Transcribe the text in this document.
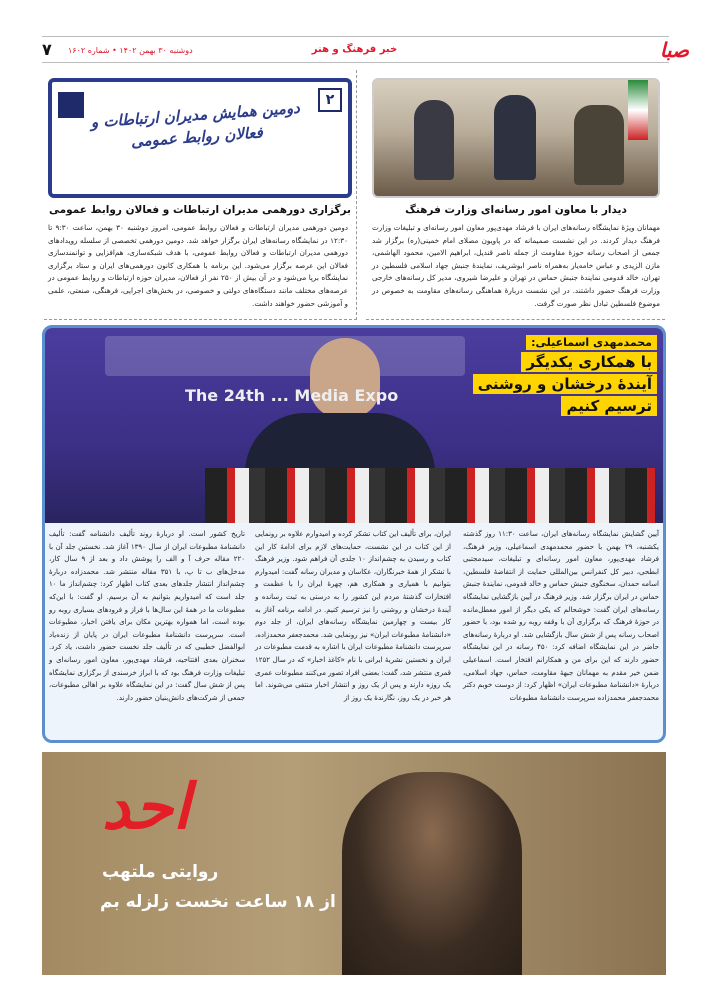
صبا
خبر فرهنگ و هنر
دوشنبه ۳۰ بهمن ۱۴۰۲ • شماره ۱۶۰۲
۷
دیدار با معاون امور رسانه‌ای وزارت فرهنگ
مهمانان ویژۀ نمایشگاه رسانه‌های ایران با فرشاد مهدی‌پور معاون امور رسانه‌ای و تبلیغات وزارت فرهنگ دیدار کردند. در این نشست صمیمانه که در پاویون مصلای امام خمینی(ره) برگزار شد جمعی از اصحاب رسانه حوزۀ مقاومت از جمله ناصر قندیل، ابراهیم الامین، محمود الهاشمی، مازن الزیدی و عباس خامه‌یار به‌همراه ناصر ابوشریف، نمایندۀ جنبش جهاد اسلامی فلسطین در تهران، خالد قدومی نمایندۀ جنبش حماس در تهران و علیرضا شیروی، مدیر کل رسانه‌های خارجی وزارت فرهنگ حضور داشتند. در این نشست دربارۀ هماهنگی رسانه‌های مقاومت به خصوص در موضوع فلسطین تبادل نظر صورت گرفت.
دومین همایش مدیران ارتباطات و فعالان روابط عمومی
۲
برگزاری دورهمی مدیران ارتباطات و فعالان روابط عمومی
دومین دورهمی مدیران ارتباطات و فعالان روابط عمومی، امروز دوشنبه ۳۰ بهمن، ساعت ۹:۳۰ تا ۱۲:۳۰ در نمایشگاه رسانه‌های ایران برگزار خواهد شد. دومین دورهمی تخصصی از سلسله رویدادهای دورهمی مدیران ارتباطات و فعالان روابط عمومی، با هدف شبکه‌سازی، هم‌افزایی و توانمندسازی فعالان این عرصه برگزار می‌شود. این برنامه با همکاری کانون دورهمی‌های ایران و ستاد برگزاری نمایشگاه برپا می‌شود و در آن بیش از ۲۵۰ نفر از فعالان، مدیران حوزه ارتباطات و روابط عمومی در عرصه‌های مختلف مانند دستگاه‌های دولتی و خصوصی، در بخش‌های اجرایی، فرهنگی، صنعتی، علمی و آموزشی حضور خواهند داشت.
The 24th ... Media Expo
محمدمهدی اسماعیلی:
با همکاری یکدیگر
آیندۀ درخشان و روشنی
ترسیم کنیم
آیین گشایش نمایشگاه رسانه‌های ایران، ساعت ۱۱:۳۰ روز گذشته یکشنبه، ۲۹ بهمن با حضور محمدمهدی اسماعیلی، وزیر فرهنگ، فرشاد مهدی‌پور، معاون امور رسانه‌ای و تبلیغات، سیدمجتبی ابطحی، دبیر کل کنفرانس بین‌المللی حمایت از انتفاضۀ فلسطین، اسامه حمدان، سخنگوی جنبش حماس و خالد قدومی، نمایندۀ جنبش حماس در ایران برگزار شد. وزیر فرهنگ در آیین بازگشایی نمایشگاه رسانه‌های ایران گفت: خوشحالم که یکی دیگر از امور معطل‌مانده در حوزۀ فرهنگ که برگزاری آن با وقفه روبه رو شده بود، با حضور اصحاب رسانه پس از شش سال بازگشایی شد. او دربارۀ رسانه‌های حاضر در این نمایشگاه اضافه کرد: ۴۵۰ رسانه در این نمایشگاه حضور دارند که این برای من و همکارانم افتخار است. اسماعیلی ضمن خیر مقدم به مهمانان جبهۀ مقاومت، حماس، جهاد اسلامی، دربارۀ «دانشنامۀ مطبوعات ایران» اظهار کرد: از دوست خوبم دکتر محمدجعفر محمدزاده سرپرست دانشنامۀ مطبوعات
ایران، برای تألیف این کتاب تشکر کرده و امیدوارم علاوه بر رونمایی از این کتاب در این نشست، حمایت‌های لازم برای ادامۀ کار این کتاب و رسیدن به چشم‌انداز ۱۰ جلدی آن فراهم شود. وزیر فرهنگ با تشکر از همۀ خبرنگاران، عکاسان و مدیران رسانه گفت: امیدوارم بتوانیم با همیاری و همکاری هم، چهرۀ ایران را با عظمت و افتخارات گذشتۀ مردم این کشور را به درستی به ثبت رسانده و آیندۀ درخشان و روشنی را نیز ترسیم کنیم. در ادامه برنامه آغاز به کار بیست و چهارمین نمایشگاه رسانه‌های ایران، از جلد دوم «دانشنامۀ مطبوعات ایران» نیز رونمایی شد. محمدجعفر محمدزاده، سرپرست دانشنامۀ مطبوعات ایران با اشاره به قدمت مطبوعات در ایران و نخستین نشریۀ ایرانی با نام «کاغذ اخبار» که در سال ۱۲۵۲ قمری منتشر شد، گفت: بعضی افراد تصور می‌کنند مطبوعات عمری یک روزه دارند و پس از یک روز و انتشار اخبار منتفی می‌شوند. اما هر خبر در یک روز، نگارندۀ یک روز از
تاریخ کشور است. او دربارۀ روند تألیف دانشنامه گفت: تألیف دانشنامۀ مطبوعات ایران از سال ۱۳۹۰ آغاز شد. نخستین جلد آن با ۲۲۰ مقاله حرف آ و الف را پوشش داد و بعد از ۹ سال کار، مدخل‌های ب تا پ، با ۳۵۱ مقاله منتشر شد. محمدزاده دربارۀ چشم‌انداز انتشار جلدهای بعدی کتاب اظهار کرد: چشم‌انداز ما ۱۰ جلد است که امیدواریم بتوانیم به آن برسیم. او گفت: با این‌که مطبوعات ما در همۀ این سال‌ها با فراز و فرودهای بسیاری روبه رو بوده است، اما همواره بهترین مکان برای یافتن اخبار، مطبوعات است. سرپرست دانشنامۀ مطبوعات ایران در پایان از زنده‌یاد ابوالفضل خطیبی که در تألیف جلد نخست حضور داشت، یاد کرد. سخنران بعدی افتتاحیه، فرشاد مهدی‌پور، معاون امور رسانه‌ای و تبلیغات وزارت فرهنگ بود که با ابراز خرسندی از برگزاری نمایشگاه پس از شش سال گفت: در این نمایشگاه علاوه بر اهالی مطبوعات، جمعی از شرکت‌های دانش‌بنیان حضور دارند.
احد
روایتی ملتهب
از ۱۸ ساعت نخست زلزله بم
